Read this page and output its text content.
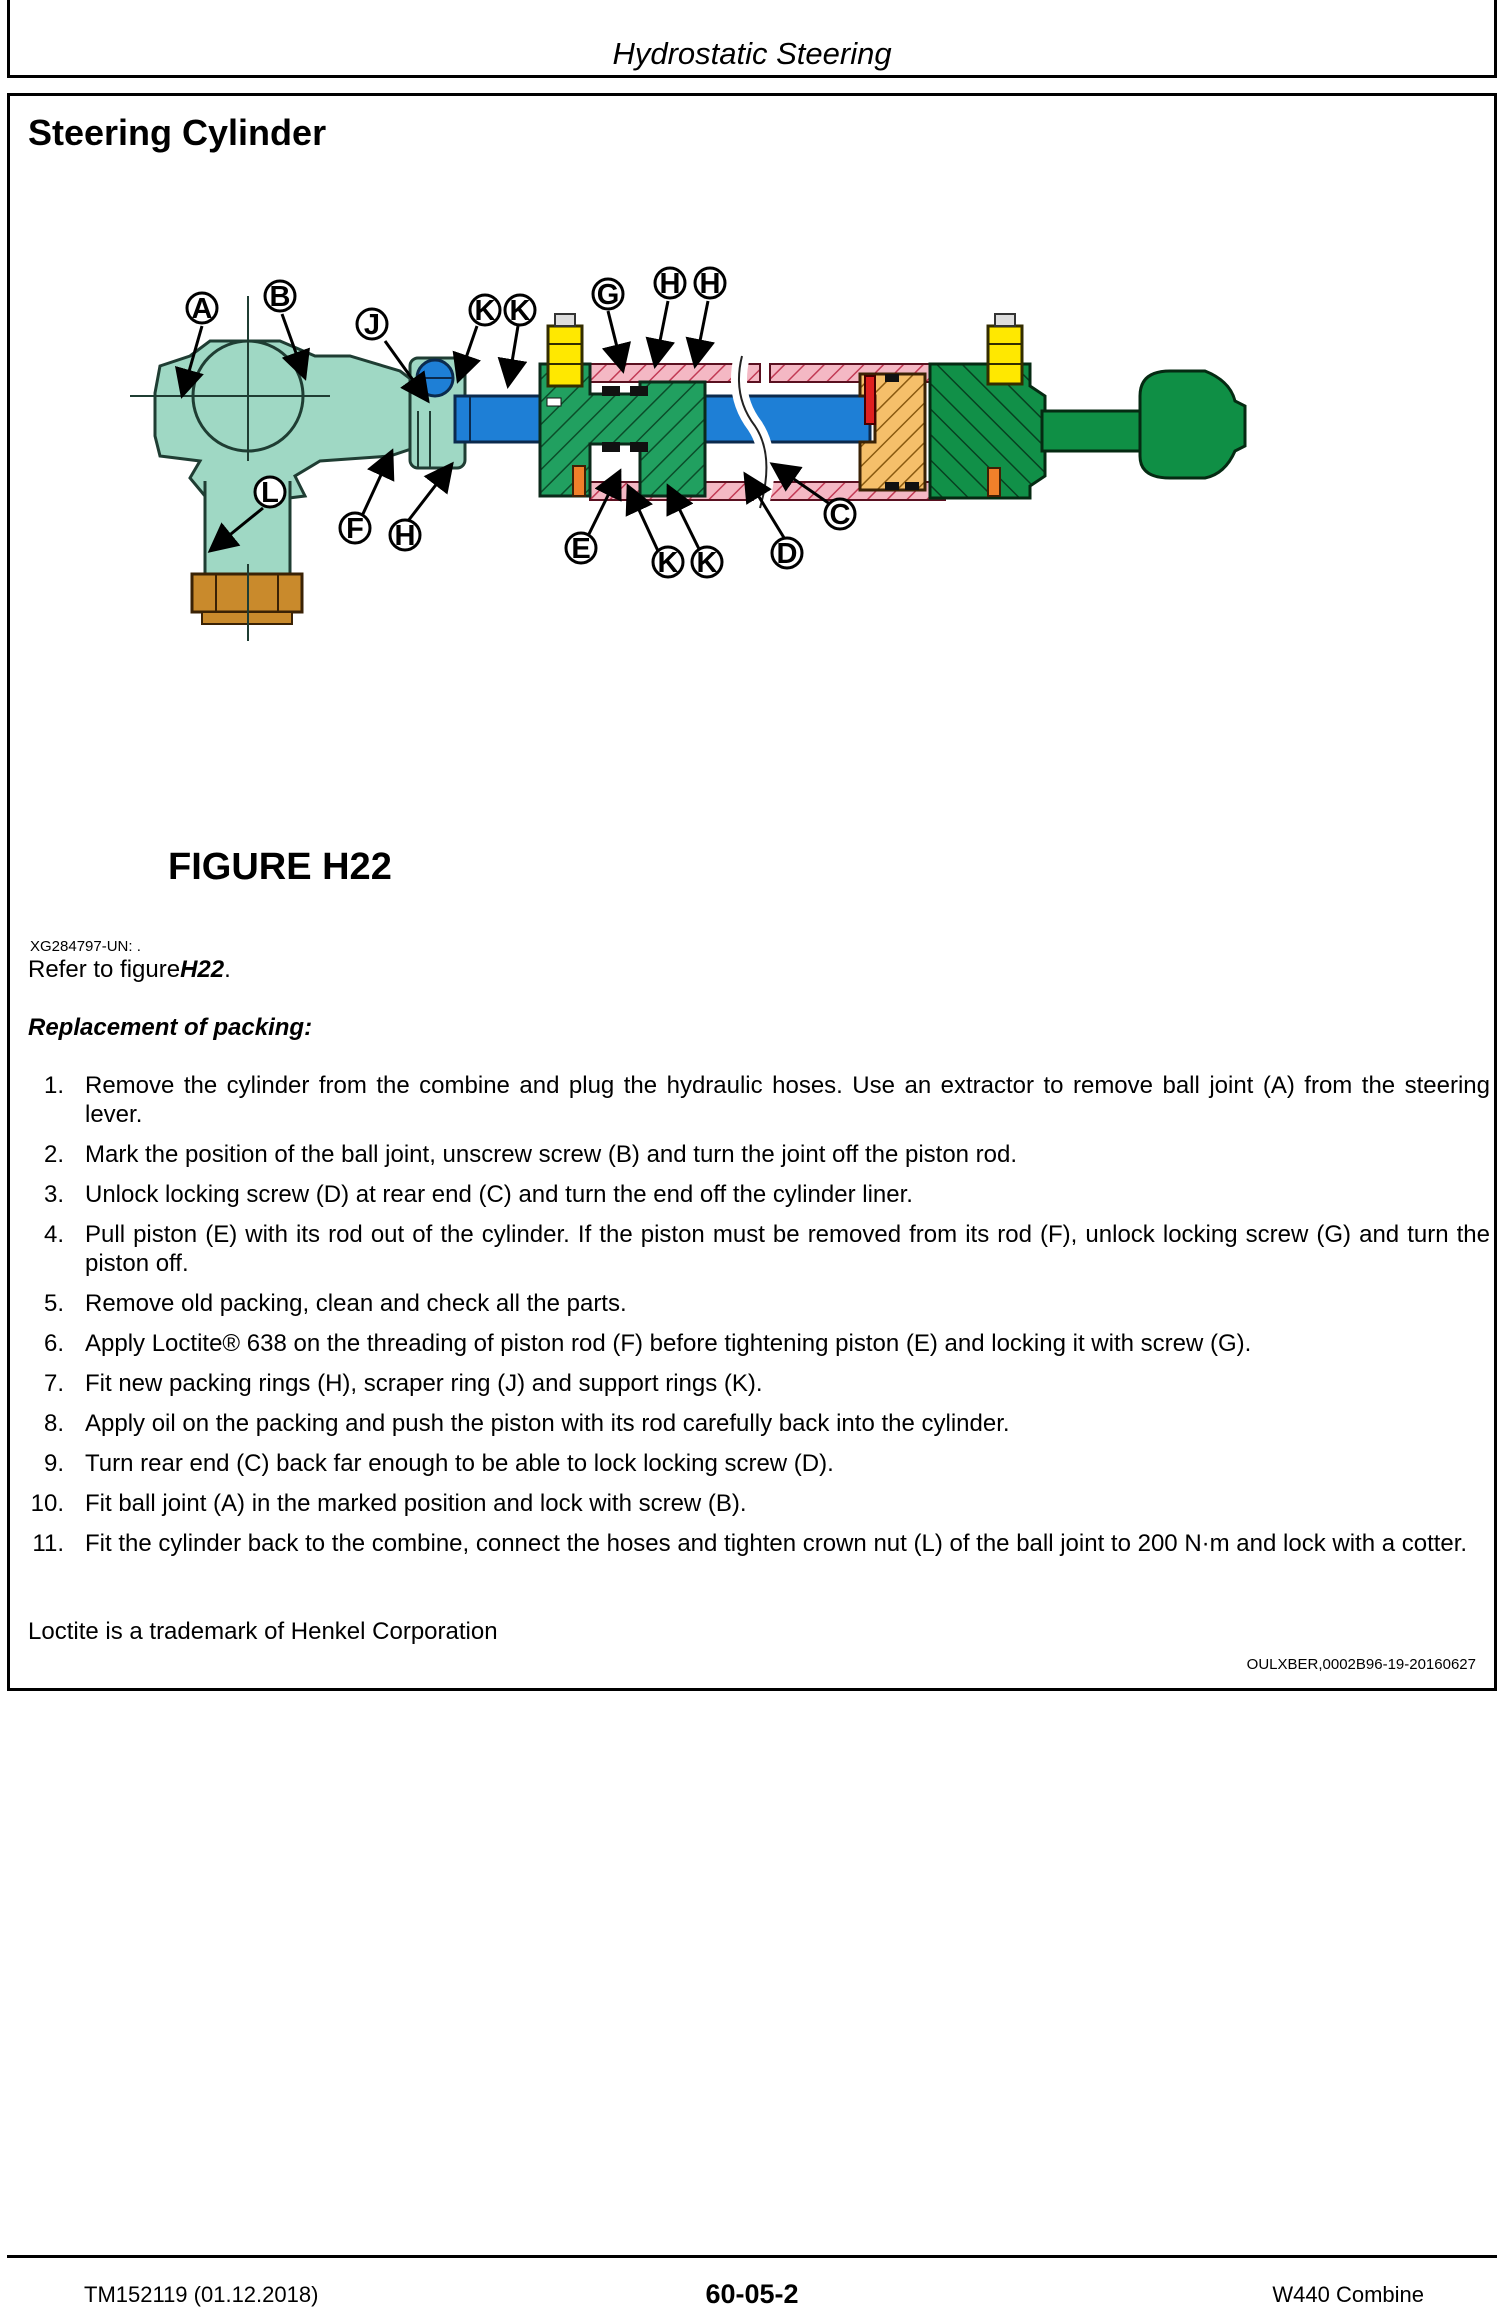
Hydrostatic Steering
Steering Cylinder
A B
J	K K G H H
L
F H	E K K D
C
FIGURE H22
XG284797-UN: .
Refer to figureH22.
Replacement of packing:
1. Remove the cylinder from the combine and plug the hydraulic hoses. Use an extractor to remove ball joint (A) from the steering lever.
2. Mark the position of the ball joint, unscrew screw (B) and turn the joint off the piston rod.
3. Unlock locking screw (D) at rear end (C) and turn the end off the cylinder liner.
4. Pull piston (E) with its rod out of the cylinder. If the piston must be removed from its rod (F), unlock locking screw (G) and turn the piston off.
5. Remove old packing, clean and check all the parts.
6. Apply Loctite® 638 on the threading of piston rod (F) before tightening piston (E) and locking it with screw (G).
7. Fit new packing rings (H), scraper ring (J) and support rings (K).
8. Apply oil on the packing and push the piston with its rod carefully back into the cylinder.
9. Turn rear end (C) back far enough to be able to lock locking screw (D).
10. Fit ball joint (A) in the marked position and lock with screw (B).
11. Fit the cylinder back to the combine, connect the hoses and tighten crown nut (L) of the ball joint to 200 N·m and lock with a cotter.
Loctite is a trademark of Henkel Corporation
OULXBER,0002B96-19-20160627
TM152119 (01.12.2018)	60-05-2	W440 Combine
